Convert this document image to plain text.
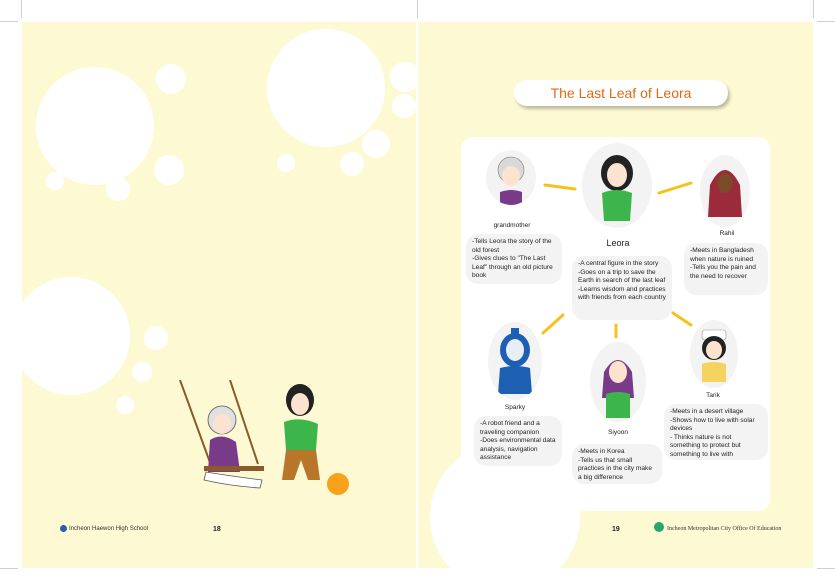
The Last Leaf of Leora
Leora
-A central figure in the story
-Goes on a trip to save the Earth in search of the last leaf
-Learns wisdom and practices with friends from each country
grandmother
-Tells Leora the story of the old forest
-Gives clues to "The Last Leaf" through an old picture book
Rahil
-Meets in Bangladesh when nature is ruined
-Tells you the pain and the need to recover
Sparky
-A robot friend and a traveling companion
-Does environmental data analysis, navigation assistance
Siyoon
-Meets in Korea
-Tells us that small practices in the city make a big difference
Tarik
-Meets in a desert village
-Shows how to live with solar devices
- Thinks nature is not something to protect but something to live with
Incheon Haewon High School	18	19	Incheon Metropolitan City Office Of Education
